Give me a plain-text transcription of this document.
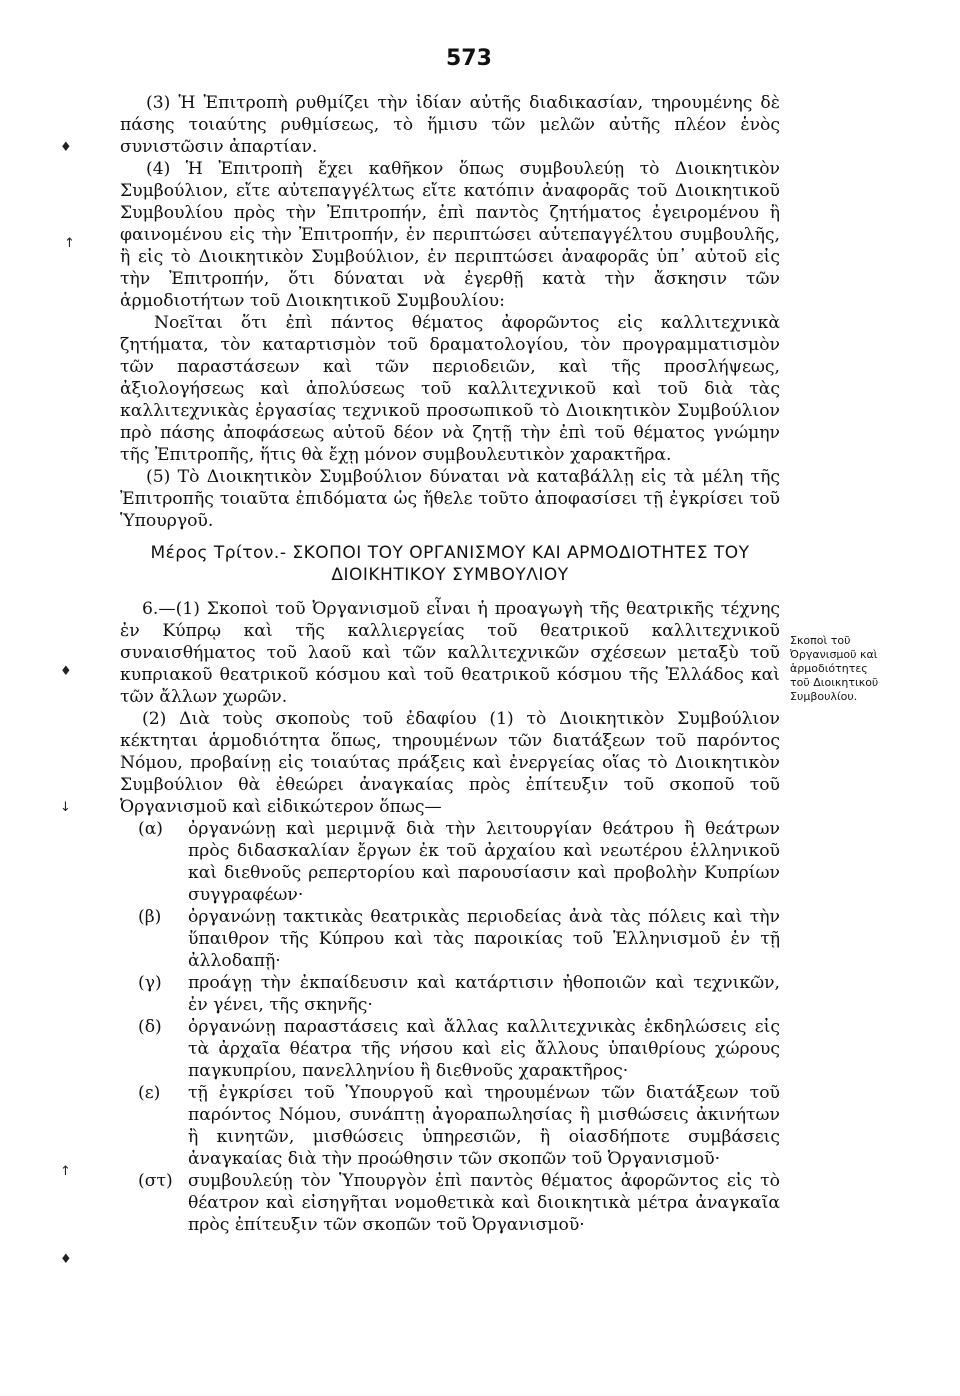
573
♦
↑
♦
↓
↑
♦

(3) Ἡ Ἐπιτροπὴ ρυθμίζει τὴν ἰδίαν αὐτῆς διαδικασίαν, τηρουμένης δὲ πάσης τοιαύτης ρυθμίσεως, τὸ ἥμισυ τῶν μελῶν αὐτῆς πλέον ἑνὸς συνιστῶσιν ἀπαρτίαν.

(4) Ἡ Ἐπιτροπὴ ἔχει καθῆκον ὅπως συμβουλεύῃ τὸ Διοικητικὸν Συμβούλιον, εἴτε αὐτεπαγγέλτως εἴτε κατόπιν ἀναφορᾶς τοῦ Διοικητικοῦ Συμβουλίου πρὸς τὴν Ἐπιτροπήν, ἐπὶ παντὸς ζητήματος ἐγειρομένου ἢ φαινομένου εἰς τὴν Ἐπιτροπήν, ἐν περιπτώσει αὐτεπαγγέλτου συμβουλῆς, ἢ εἰς τὸ Διοικητικὸν Συμβούλιον, ἐν περιπτώσει ἀναφορᾶς ὑπ᾽ αὐτοῦ εἰς τὴν Ἐπιτροπήν, ὅτι δύναται νὰ ἐγερθῇ κατὰ τὴν ἄσκησιν τῶν ἁρμοδιοτήτων τοῦ Διοικητικοῦ Συμβουλίου:

Νοεῖται ὅτι ἐπὶ πάντος θέματος ἀφορῶντος εἰς καλλιτεχνικὰ ζητήματα, τὸν καταρτισμὸν τοῦ δραματολογίου, τὸν προγραμματισμὸν τῶν παραστάσεων καὶ τῶν περιοδειῶν, καὶ τῆς προσλήψεως, ἀξιολογήσεως καὶ ἀπολύσεως τοῦ καλλιτεχνικοῦ καὶ τοῦ διὰ τὰς καλλιτεχνικὰς ἐργασίας τεχνικοῦ προσωπικοῦ τὸ Διοικητικὸν Συμβούλιον πρὸ πάσης ἀποφάσεως αὐτοῦ δέον νὰ ζητῇ τὴν ἐπὶ τοῦ θέματος γνώμην τῆς Ἐπιτροπῆς, ἥτις θὰ ἔχῃ μόνον συμβουλευτικὸν χαρακτῆρα.

(5) Τὸ Διοικητικὸν Συμβούλιον δύναται νὰ καταβάλλῃ εἰς τὰ μέλη τῆς Ἐπιτροπῆς τοιαῦτα ἐπιδόματα ὡς ἤθελε τοῦτο ἀποφασίσει τῇ ἐγκρίσει τοῦ Ὑπουργοῦ.

Μέρος Τρίτον.- ΣΚΟΠΟΙ ΤΟΥ ΟΡΓΑΝΙΣΜΟΥ ΚΑΙ ΑΡΜΟΔΙΟΤΗΤΕΣ ΤΟΥ ΔΙΟΙΚΗΤΙΚΟΥ ΣΥΜΒΟΥΛΙΟΥ

6.—(1) Σκοποὶ τοῦ Ὀργανισμοῦ εἶναι ἡ προαγωγὴ τῆς θεατρικῆς τέχνης ἐν Κύπρῳ καὶ τῆς καλλιεργείας τοῦ θεατρικοῦ καλλιτεχνικοῦ συναισθήματος τοῦ λαοῦ καὶ τῶν καλλιτεχνικῶν σχέσεων μεταξὺ τοῦ κυπριακοῦ θεατρικοῦ κόσμου καὶ τοῦ θεατρικοῦ κόσμου τῆς Ἑλλάδος καὶ τῶν ἄλλων χωρῶν.

(2) Διὰ τοὺς σκοποὺς τοῦ ἐδαφίου (1) τὸ Διοικητικὸν Συμβούλιον κέκτηται ἁρμοδιότητα ὅπως, τηρουμένων τῶν διατάξεων τοῦ παρόντος Νόμου, προβαίνῃ εἰς τοιαύτας πράξεις καὶ ἐνεργείας οἵας τὸ Διοικητικὸν Συμβούλιον θὰ ἐθεώρει ἀναγκαίας πρὸς ἐπίτευξιν τοῦ σκοποῦ τοῦ Ὀργανισμοῦ καὶ εἰδικώτερον ὅπως—

(α)	ὀργανώνῃ καὶ μεριμνᾷ διὰ τὴν λειτουργίαν θεάτρου ἢ θεάτρων πρὸς διδασκαλίαν ἔργων ἐκ τοῦ ἀρχαίου καὶ νεωτέρου ἑλληνικοῦ καὶ διεθνοῦς ρεπερτορίου καὶ παρουσίασιν καὶ προβολὴν Κυπρίων συγγραφέων·
(β)	ὀργανώνῃ τακτικὰς θεατρικὰς περιοδείας ἀνὰ τὰς πόλεις καὶ τὴν ὕπαιθρον τῆς Κύπρου καὶ τὰς παροικίας τοῦ Ἑλληνισμοῦ ἐν τῇ ἀλλοδαπῇ·
(γ)	προάγῃ τὴν ἐκπαίδευσιν καὶ κατάρτισιν ἠθοποιῶν καὶ τεχνικῶν, ἐν γένει, τῆς σκηνῆς·
(δ)	ὀργανώνῃ παραστάσεις καὶ ἄλλας καλλιτεχνικὰς ἐκδηλώσεις εἰς τὰ ἀρχαῖα θέατρα τῆς νήσου καὶ εἰς ἄλλους ὑπαιθρίους χώρους παγκυπρίου, πανελληνίου ἢ διεθνοῦς χαρακτῆρος·
(ε)	τῇ ἐγκρίσει τοῦ Ὑπουργοῦ καὶ τηρουμένων τῶν διατάξεων τοῦ παρόντος Νόμου, συνάπτῃ ἀγοραπωλησίας ἢ μισθώσεις ἀκινήτων ἢ κινητῶν, μισθώσεις ὑπηρεσιῶν, ἢ οἱασδήποτε συμβάσεις ἀναγκαίας διὰ τὴν προώθησιν τῶν σκοπῶν τοῦ Ὀργανισμοῦ·
(στ) συμβουλεύῃ τὸν Ὑπουργὸν ἐπὶ παντὸς θέματος ἀφορῶντος εἰς τὸ θέατρον καὶ εἰσηγῆται νομοθετικὰ καὶ διοικητικὰ μέτρα ἀναγκαῖα πρὸς ἐπίτευξιν τῶν σκοπῶν τοῦ Ὀργανισμοῦ·
Σκοποὶ τοῦ Ὀργανισμοῦ καὶ ἁρμοδιότητες τοῦ Διοικητικοῦ Συμβουλίου.
